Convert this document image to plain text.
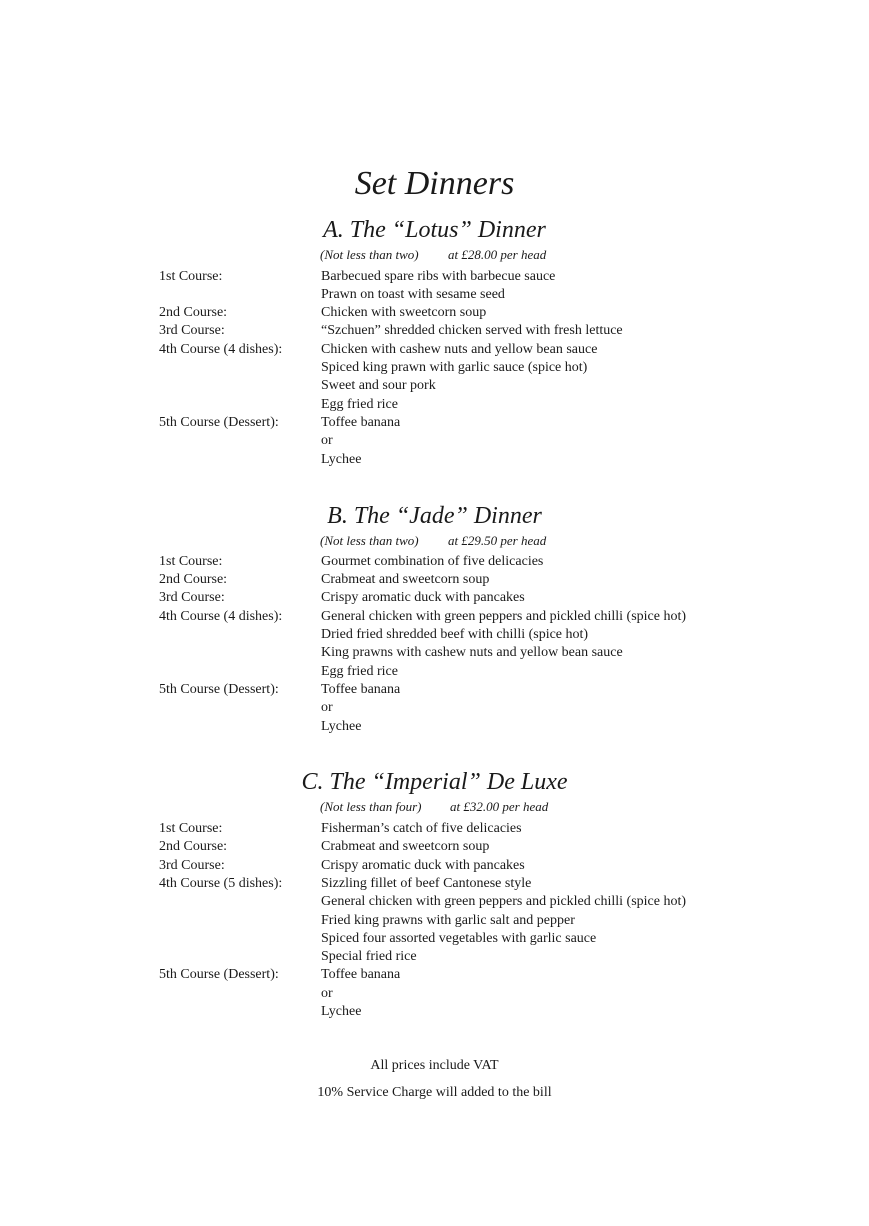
Set Dinners
A. The “Lotus” Dinner
(Not less than two) at £28.00 per head
1st Course:	Barbecued spare ribs with barbecue sauce
Prawn on toast with sesame seed
2nd Course:	Chicken with sweetcorn soup
3rd Course:	“Szchuen” shredded chicken served with fresh lettuce
4th Course (4 dishes):	Chicken with cashew nuts and yellow bean sauce
Spiced king prawn with garlic sauce (spice hot)
Sweet and sour pork
Egg fried rice
5th Course (Dessert):	Toffee banana
or
Lychee
B. The “Jade” Dinner
(Not less than two) at £29.50 per head
1st Course:	Gourmet combination of five delicacies
2nd Course:	Crabmeat and sweetcorn soup
3rd Course:	Crispy aromatic duck with pancakes
4th Course (4 dishes):	General chicken with green peppers and pickled chilli (spice hot)
Dried fried shredded beef with chilli (spice hot)
King prawns with cashew nuts and yellow bean sauce
Egg fried rice
5th Course (Dessert):	Toffee banana
or
Lychee
C. The “Imperial” De Luxe
(Not less than four) at £32.00 per head
1st Course:	Fisherman’s catch of five delicacies
2nd Course:	Crabmeat and sweetcorn soup
3rd Course:	Crispy aromatic duck with pancakes
4th Course (5 dishes):	Sizzling fillet of beef Cantonese style
General chicken with green peppers and pickled chilli (spice hot)
Fried king prawns with garlic salt and pepper
Spiced four assorted vegetables with garlic sauce
Special fried rice
5th Course (Dessert):	Toffee banana
or
Lychee
All prices include VAT
10% Service Charge will added to the bill
